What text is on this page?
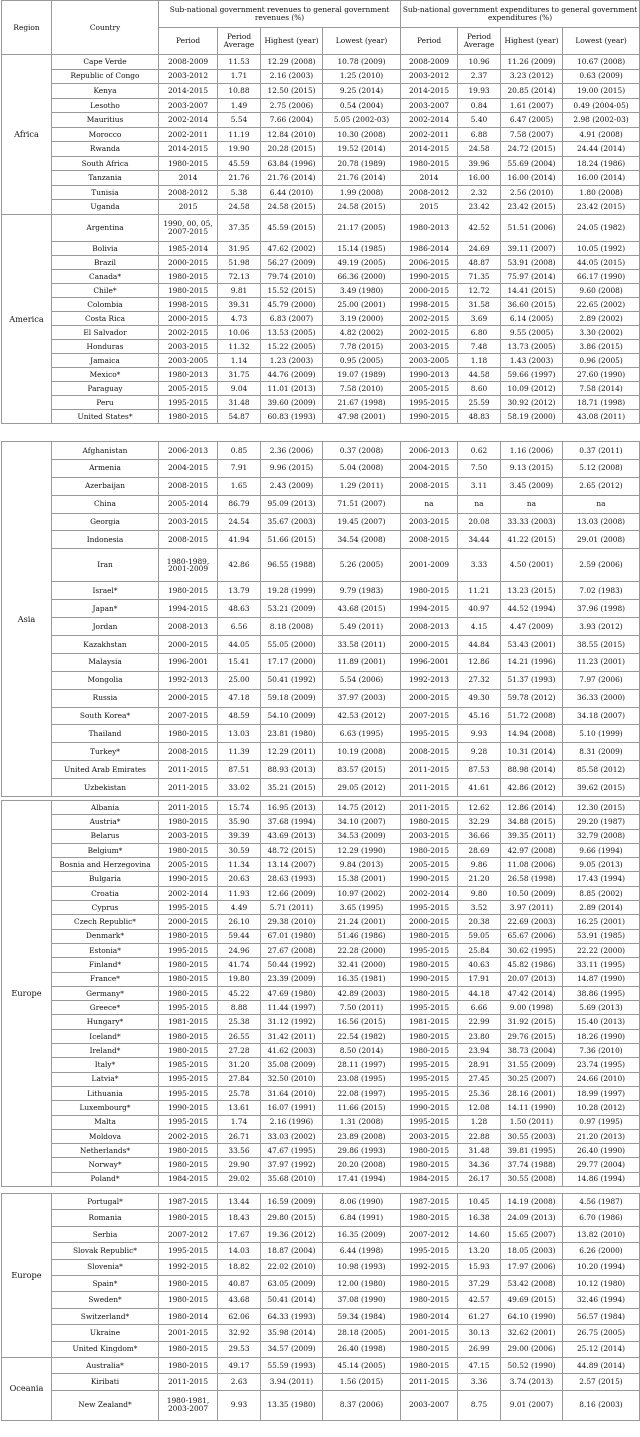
Region	Country	Sub-national government revenues to general government revenues (%)				Sub-national government expenditures to general government expenditures (%)			
		Period	Period Average	Highest (year)	Lowest (year)	Period	Period Average	Highest (year)	Lowest (year)
Africa	Cape Verde	2008-2009	11.53	12.29 (2008)	10.78 (2009)	2008-2009	10.96	11.26 (2009)	10.67 (2008)
	Republic of Congo	2003-2012	1.71	2.16 (2003)	1.25 (2010)	2003-2012	2.37	3.23 (2012)	0.63 (2009)
	Kenya	2014-2015	10.88	12.50 (2015)	9.25 (2014)	2014-2015	19.93	20.85 (2014)	19.00 (2015)
	Lesotho	2003-2007	1.49	2.75 (2006)	0.54 (2004)	2003-2007	0.84	1.61 (2007)	0.49 (2004-05)
	Mauritius	2002-2014	5.54	7.66 (2004)	5.05 (2002-03)	2002-2014	5.40	6.47 (2005)	2.98 (2002-03)
	Morocco	2002-2011	11.19	12.84 (2010)	10.30 (2008)	2002-2011	6.88	7.58 (2007)	4.91 (2008)
	Rwanda	2014-2015	19.90	20.28 (2015)	19.52 (2014)	2014-2015	24.58	24.72 (2015)	24.44 (2014)
	South Africa	1980-2015	45.59	63.84 (1996)	20.78 (1989)	1980-2015	39.96	55.69 (2004)	18.24 (1986)
	Tanzania	2014	21.76	21.76 (2014)	21.76 (2014)	2014	16.00	16.00 (2014)	16.00 (2014)
	Tunisia	2008-2012	5.38	6.44 (2010)	1.99 (2008)	2008-2012	2.32	2.56 (2010)	1.80 (2008)
	Uganda	2015	24.58	24.58 (2015)	24.58 (2015)	2015	23.42	23.42 (2015)	23.42 (2015)
America	Argentina	1990, 00, 05, 2007-2015	37.35	45.59 (2015)	21.17 (2005)	1980-2013	42.52	51.51 (2006)	24.05 (1982)
	Bolivia	1985-2014	31.95	47.62 (2002)	15.14 (1985)	1986-2014	24.69	39.11 (2007)	10.05 (1992)
	Brazil	2000-2015	51.98	56.27 (2009)	49.19 (2005)	2006-2015	48.87	53.91 (2008)	44.05 (2015)
	Canada*	1980-2015	72.13	79.74 (2010)	66.36 (2000)	1990-2015	71.35	75.97 (2014)	66.17 (1990)
	Chile*	1980-2015	9.81	15.52 (2015)	3.49 (1980)	2000-2015	12.72	14.41 (2015)	9.60 (2008)
	Colombia	1998-2015	39.31	45.79 (2000)	25.00 (2001)	1998-2015	31.58	36.60 (2015)	22.65 (2002)
	Costa Rica	2000-2015	4.73	6.83 (2007)	3.19 (2000)	2002-2015	3.69	6.14 (2005)	2.89 (2002)
	El Salvador	2002-2015	10.06	13.53 (2005)	4.82 (2002)	2002-2015	6.80	9.55 (2005)	3.30 (2002)
	Honduras	2003-2015	11.32	15.22 (2005)	7.78 (2015)	2003-2015	7.48	13.73 (2005)	3.86 (2015)
	Jamaica	2003-2005	1.14	1.23 (2003)	0.95 (2005)	2003-2005	1.18	1.43 (2003)	0.96 (2005)
	Mexico*	1980-2013	31.75	44.76 (2009)	19.07 (1989)	1990-2013	44.58	59.66 (1997)	27.60 (1990)
	Paraguay	2005-2015	9.04	11.01 (2013)	7.58 (2010)	2005-2015	8.60	10.09 (2012)	7.58 (2014)
	Peru	1995-2015	31.48	39.60 (2009)	21.67 (1998)	1995-2015	25.59	30.92 (2012)	18.71 (1998)
	United States*	1980-2015	54.87	60.83 (1993)	47.98 (2001)	1990-2015	48.83	58.19 (2000)	43.08 (2011)
Asia	Afghanistan	2006-2013	0.85	2.36 (2006)	0.37 (2008)	2006-2013	0.62	1.16 (2006)	0.37 (2011)
	Armenia	2004-2015	7.91	9.96 (2015)	5.04 (2008)	2004-2015	7.50	9.13 (2015)	5.12 (2008)
	Azerbaijan	2008-2015	1.65	2.43 (2009)	1.29 (2011)	2008-2015	3.11	3.45 (2009)	2.65 (2012)
	China	2005-2014	86.79	95.09 (2013)	71.51 (2007)	na	na	na	na
	Georgia	2003-2015	24.54	35.67 (2003)	19.45 (2007)	2003-2015	20.08	33.33 (2003)	13.03 (2008)
	Indonesia	2008-2015	41.94	51.66 (2015)	34.54 (2008)	2008-2015	34.44	41.22 (2015)	29.01 (2008)
	Iran	1980-1989, 2001-2009	42.86	96.55 (1988)	5.26 (2005)	2001-2009	3.33	4.50 (2001)	2.59 (2006)
	Israel*	1980-2015	13.79	19.28 (1999)	9.79 (1983)	1980-2015	11.21	13.23 (2015)	7.02 (1983)
	Japan*	1994-2015	48.63	53.21 (2009)	43.68 (2015)	1994-2015	40.97	44.52 (1994)	37.96 (1998)
	Jordan	2008-2013	6.56	8.18 (2008)	5.49 (2011)	2008-2013	4.15	4.47 (2009)	3.93 (2012)
	Kazakhstan	2000-2015	44.05	55.05 (2000)	33.58 (2011)	2000-2015	44.84	53.43 (2001)	38.55 (2015)
	Malaysia	1996-2001	15.41	17.17 (2000)	11.89 (2001)	1996-2001	12.86	14.21 (1996)	11.23 (2001)
	Mongolia	1992-2013	25.00	50.41 (1992)	5.54 (2006)	1992-2013	27.32	51.37 (1993)	7.97 (2006)
	Russia	2000-2015	47.18	59.18 (2009)	37.97 (2003)	2000-2015	49.30	59.78 (2012)	36.33 (2000)
	South Korea*	2007-2015	48.59	54.10 (2009)	42.53 (2012)	2007-2015	45.16	51.72 (2008)	34.18 (2007)
	Thailand	1980-2015	13.03	23.81 (1980)	6.63 (1995)	1995-2015	9.93	14.94 (2008)	5.10 (1999)
	Turkey*	2008-2015	11.39	12.29 (2011)	10.19 (2008)	2008-2015	9.28	10.31 (2014)	8.31 (2009)
	United Arab Emirates	2011-2015	87.51	88.93 (2013)	83.57 (2015)	2011-2015	87.53	88.98 (2014)	85.58 (2012)
	Uzbekistan	2011-2015	33.02	35.21 (2015)	29.05 (2012)	2011-2015	41.61	42.86 (2012)	39.62 (2015)
Europe	Albania	2011-2015	15.74	16.95 (2013)	14.75 (2012)	2011-2015	12.62	12.86 (2014)	12.30 (2015)
	Austria*	1980-2015	35.90	37.68 (1994)	34.10 (2007)	1980-2015	32.29	34.88 (2015)	29.20 (1987)
	Belarus	2003-2015	39.39	43.69 (2013)	34.53 (2009)	2003-2015	36.66	39.35 (2011)	32.79 (2008)
	Belgium*	1980-2015	30.59	48.72 (2015)	12.29 (1990)	1980-2015	28.69	42.97 (2008)	9.66 (1994)
	Bosnia and Herzegovina	2005-2015	11.34	13.14 (2007)	9.84 (2013)	2005-2015	9.86	11.08 (2006)	9.05 (2013)
	Bulgaria	1990-2015	20.63	28.63 (1993)	15.38 (2001)	1990-2015	21.20	26.58 (1998)	17.43 (1994)
	Croatia	2002-2014	11.93	12.66 (2009)	10.97 (2002)	2002-2014	9.80	10.50 (2009)	8.85 (2002)
	Cyprus	1995-2015	4.49	5.71 (2011)	3.65 (1995)	1995-2015	3.52	3.97 (2011)	2.89 (2014)
	Czech Republic*	2000-2015	26.10	29.38 (2010)	21.24 (2001)	2000-2015	20.38	22.69 (2003)	16.25 (2001)
	Denmark*	1980-2015	59.44	67.01 (1980)	51.46 (1986)	1980-2015	59.05	65.67 (2006)	53.91 (1985)
	Estonia*	1995-2015	24.96	27.67 (2008)	22.28 (2000)	1995-2015	25.84	30.62 (1995)	22.22 (2000)
	Finland*	1980-2015	41.74	50.44 (1992)	32.41 (2000)	1980-2015	40.63	45.82 (1986)	33.11 (1995)
	France*	1980-2015	19.80	23.39 (2009)	16.35 (1981)	1990-2015	17.91	20.07 (2013)	14.87 (1990)
	Germany*	1980-2015	45.22	47.69 (1980)	42.89 (2003)	1980-2015	44.18	47.42 (2014)	38.86 (1995)
	Greece*	1995-2015	8.88	11.44 (1997)	7.50 (2011)	1995-2015	6.66	9.00 (1998)	5.69 (2013)
	Hungary*	1981-2015	25.38	31.12 (1992)	16.56 (2015)	1981-2015	22.99	31.92 (2015)	15.40 (2013)
	Iceland*	1980-2015	26.55	31.42 (2011)	22.54 (1982)	1980-2015	23.80	29.76 (2015)	18.26 (1990)
	Ireland*	1980-2015	27.28	41.62 (2003)	8.50 (2014)	1980-2015	23.94	38.73 (2004)	7.36 (2010)
	Italy*	1985-2015	31.20	35.08 (2009)	28.11 (1997)	1995-2015	28.91	31.55 (2009)	23.74 (1995)
	Latvia*	1995-2015	27.84	32.50 (2010)	23.08 (1995)	1995-2015	27.45	30.25 (2007)	24.66 (2010)
	Lithuania	1995-2015	25.78	31.64 (2010)	22.08 (1997)	1995-2015	25.36	28.16 (2001)	18.99 (1997)
	Luxembourg*	1990-2015	13.61	16.07 (1991)	11.66 (2015)	1990-2015	12.08	14.11 (1990)	10.28 (2012)
	Malta	1995-2015	1.74	2.16 (1996)	1.31 (2008)	1995-2015	1.28	1.50 (2011)	0.97 (1995)
	Moldova	2002-2015	26.71	33.03 (2002)	23.89 (2008)	2003-2015	22.88	30.55 (2003)	21.20 (2013)
	Netherlands*	1980-2015	33.56	47.67 (1995)	29.86 (1993)	1980-2015	31.48	39.81 (1995)	26.40 (1990)
	Norway*	1980-2015	29.90	37.97 (1992)	20.20 (2008)	1980-2015	34.36	37.74 (1988)	29.77 (2004)
	Poland*	1984-2015	29.02	35.68 (2010)	17.41 (1994)	1984-2015	26.17	30.55 (2008)	14.86 (1994)
Europe	Portugal*	1987-2015	13.44	16.59 (2009)	8.06 (1990)	1987-2015	10.45	14.19 (2008)	4.56 (1987)
	Romania	1980-2015	18.43	29.80 (2015)	6.84 (1991)	1980-2015	16.38	24.09 (2013)	6.70 (1986)
	Serbia	2007-2012	17.67	19.36 (2012)	16.35 (2009)	2007-2012	14.60	15.65 (2007)	13.82 (2010)
	Slovak Republic*	1995-2015	14.03	18.87 (2004)	6.44 (1998)	1995-2015	13.20	18.05 (2003)	6.26 (2000)
	Slovenia*	1992-2015	18.82	22.02 (2010)	10.98 (1993)	1992-2015	15.93	17.97 (2006)	10.20 (1994)
	Spain*	1980-2015	40.87	63.05 (2009)	12.00 (1980)	1980-2015	37.29	53.42 (2008)	10.12 (1980)
	Sweden*	1980-2015	43.68	50.41 (2014)	37.08 (1990)	1980-2015	42.57	49.69 (2015)	32.46 (1994)
	Switzerland*	1980-2014	62.06	64.33 (1993)	59.34 (1984)	1980-2014	61.27	64.10 (1990)	56.57 (1984)
	Ukraine	2001-2015	32.92	35.98 (2014)	28.18 (2005)	2001-2015	30.13	32.62 (2001)	26.75 (2005)
	United Kingdom*	1980-2015	29.53	34.57 (2009)	26.40 (1998)	1980-2015	26.99	29.00 (2006)	25.12 (2014)
Oceania	Australia*	1980-2015	49.17	55.59 (1993)	45.14 (2005)	1980-2015	47.15	50.52 (1990)	44.89 (2014)
	Kiribati	2011-2015	2.63	3.94 (2011)	1.56 (2015)	2011-2015	3.36	3.74 (2013)	2.57 (2015)
	New Zealand*	1980-1981, 2003-2007	9.93	13.35 (1980)	8.37 (2006)	2003-2007	8.75	9.01 (2007)	8.16 (2003)
